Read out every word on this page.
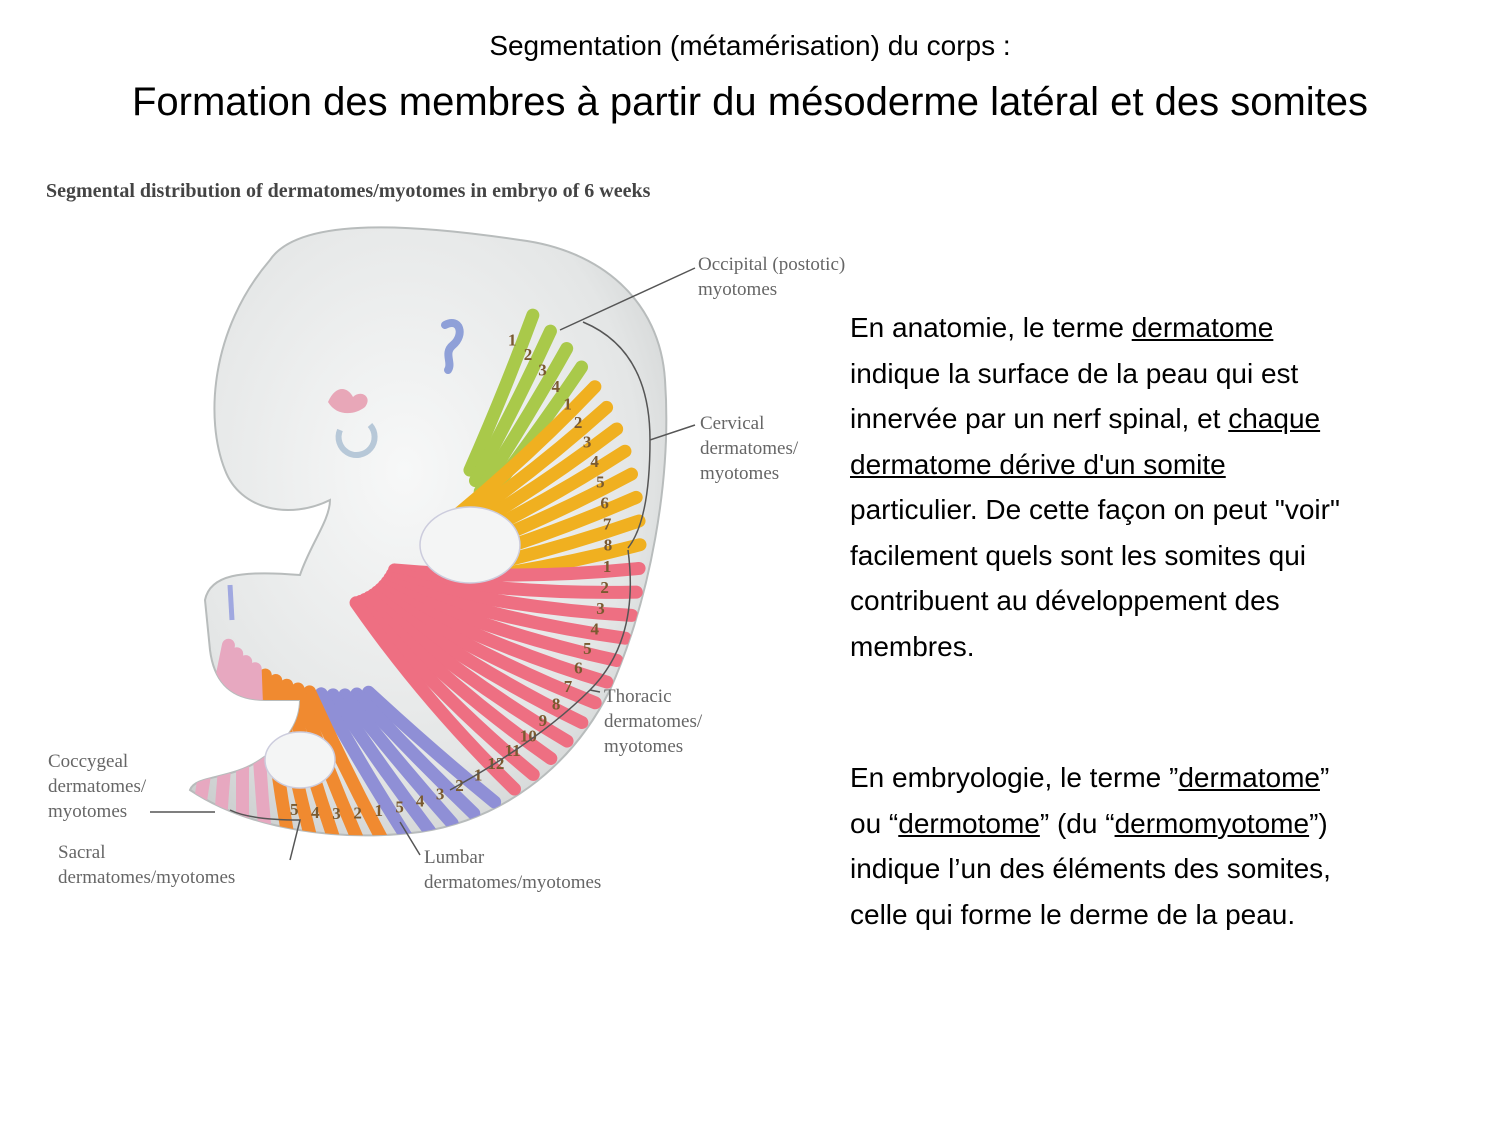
Segmentation (métamérisation) du corps :
Formation des membres à partir du mésoderme latéral et des somites
Segmental distribution of dermatomes/myotomes in embryo of 6 weeks
1
2
3
4
1
2
3
4
5
6
7
8
1
2
3
4
5
6
7
8
9
10
11
12
1
2
3
4
5
1
2
3
4
5
Occipital (postotic)
myotomes
Cervical
dermatomes/
myotomes
Thoracic
dermatomes/
myotomes
Coccygeal
dermatomes/
myotomes
Sacral
dermatomes/myotomes
Lumbar
dermatomes/myotomes
En anatomie, le terme dermatome
indique la surface de la peau qui est
innervée par un nerf spinal, et chaque
dermatome dérive d'un somite
particulier. De cette façon on peut "voir"
facilement quels sont les somites qui
contribuent au développement des
membres.
En embryologie, le terme ”dermatome”
ou “dermotome” (du “dermomyotome”)
indique l’un des éléments des somites,
celle qui forme le derme de la peau.
